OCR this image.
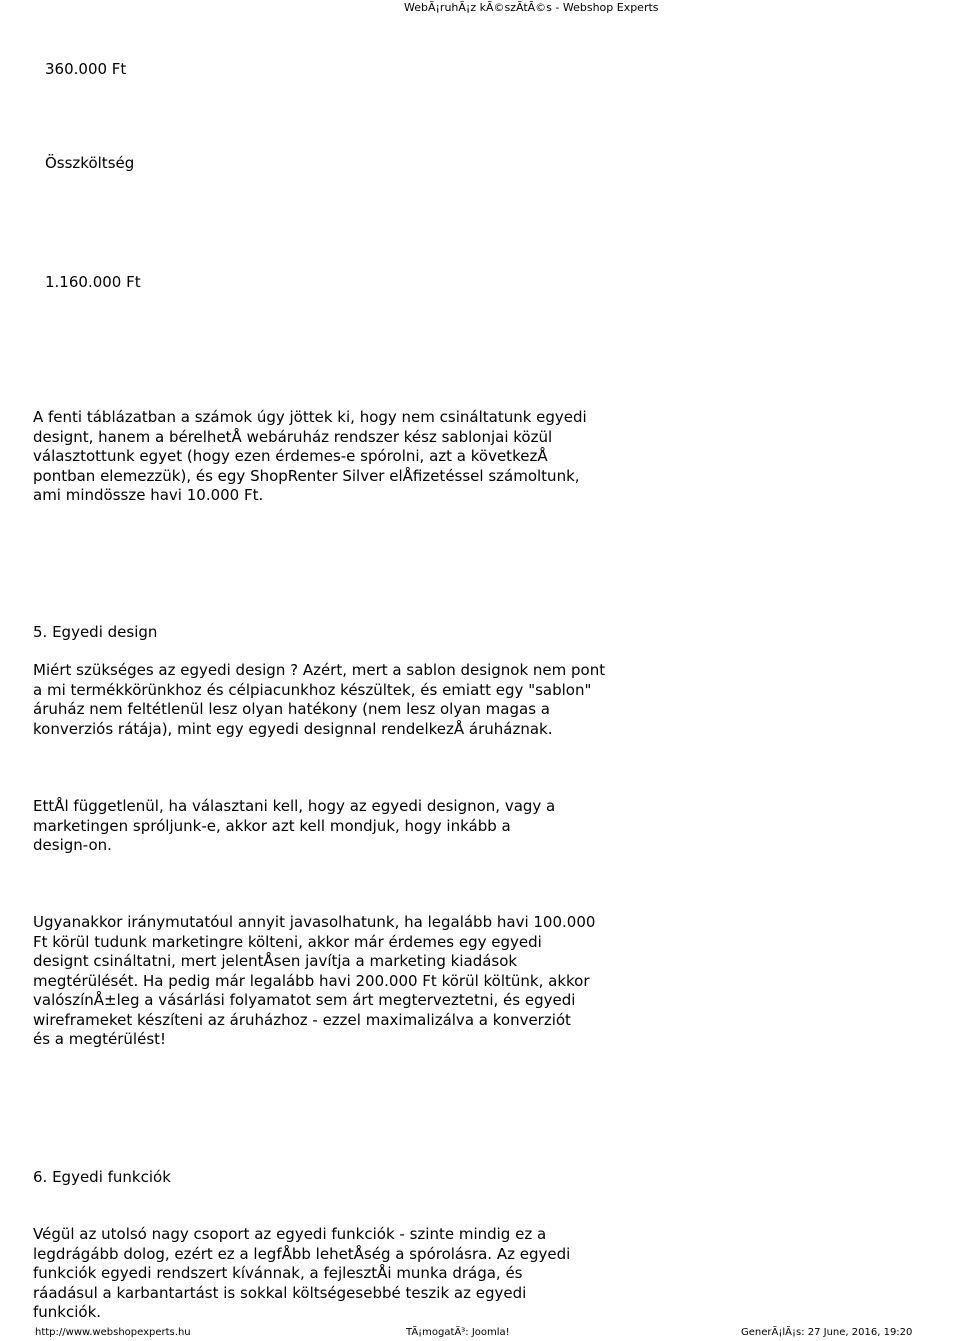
WebÃ¡ruhÃ¡z kÃ©szÃtÃ©s - Webshop Experts
360.000 Ft
Összköltség
1.160.000 Ft
A fenti táblázatban a számok úgy jöttek ki, hogy nem csináltatunk egyedi
designt, hanem a bérelhetÅ webáruház rendszer kész sablonjai közül
választottunk egyet (hogy ezen érdemes-e spórolni, azt a következÅ
pontban elemezzük), és egy ShopRenter Silver elÅfizetéssel számoltunk,
ami mindössze havi 10.000 Ft.
5. Egyedi design
Miért szükséges az egyedi design ? Azért, mert a sablon designok nem pont
a mi termékkörünkhoz és célpiacunkhoz készültek, és emiatt egy "sablon"
áruház nem feltétlenül lesz olyan hatékony (nem lesz olyan magas a
konverziós rátája), mint egy egyedi designnal rendelkezÅ áruháznak.
EttÅl függetlenül, ha választani kell, hogy az egyedi designon, vagy a
marketingen spróljunk-e, akkor azt kell mondjuk, hogy inkább a
design-on.
Ugyanakkor iránymutatóul annyit javasolhatunk, ha legalább havi 100.000
Ft körül tudunk marketingre költeni, akkor már érdemes egy egyedi
designt csináltatni, mert jelentÅsen javítja a marketing kiadások
megtérülését. Ha pedig már legalább havi 200.000 Ft körül költünk, akkor
valószínÅ±leg a vásárlási folyamatot sem árt megterveztetni, és egyedi
wireframeket készíteni az áruházhoz - ezzel maximalizálva a konverziót
és a megtérülést!
6. Egyedi funkciók
Végül az utolsó nagy csoport az egyedi funkciók - szinte mindig ez a
legdrágább dolog, ezért ez a legfÅbb lehetÅség a spórolásra. Az egyedi
funkciók egyedi rendszert kívánnak, a fejlesztÅi munka drága, és
ráadásul a karbantartást is sokkal költségesebbé teszik az egyedi
funkciók.
http://www.webshopexperts.hu	TÃ¡mogatÃ³: Joomla!	GenerÃ¡lÃ¡s: 27 June, 2016, 19:20
